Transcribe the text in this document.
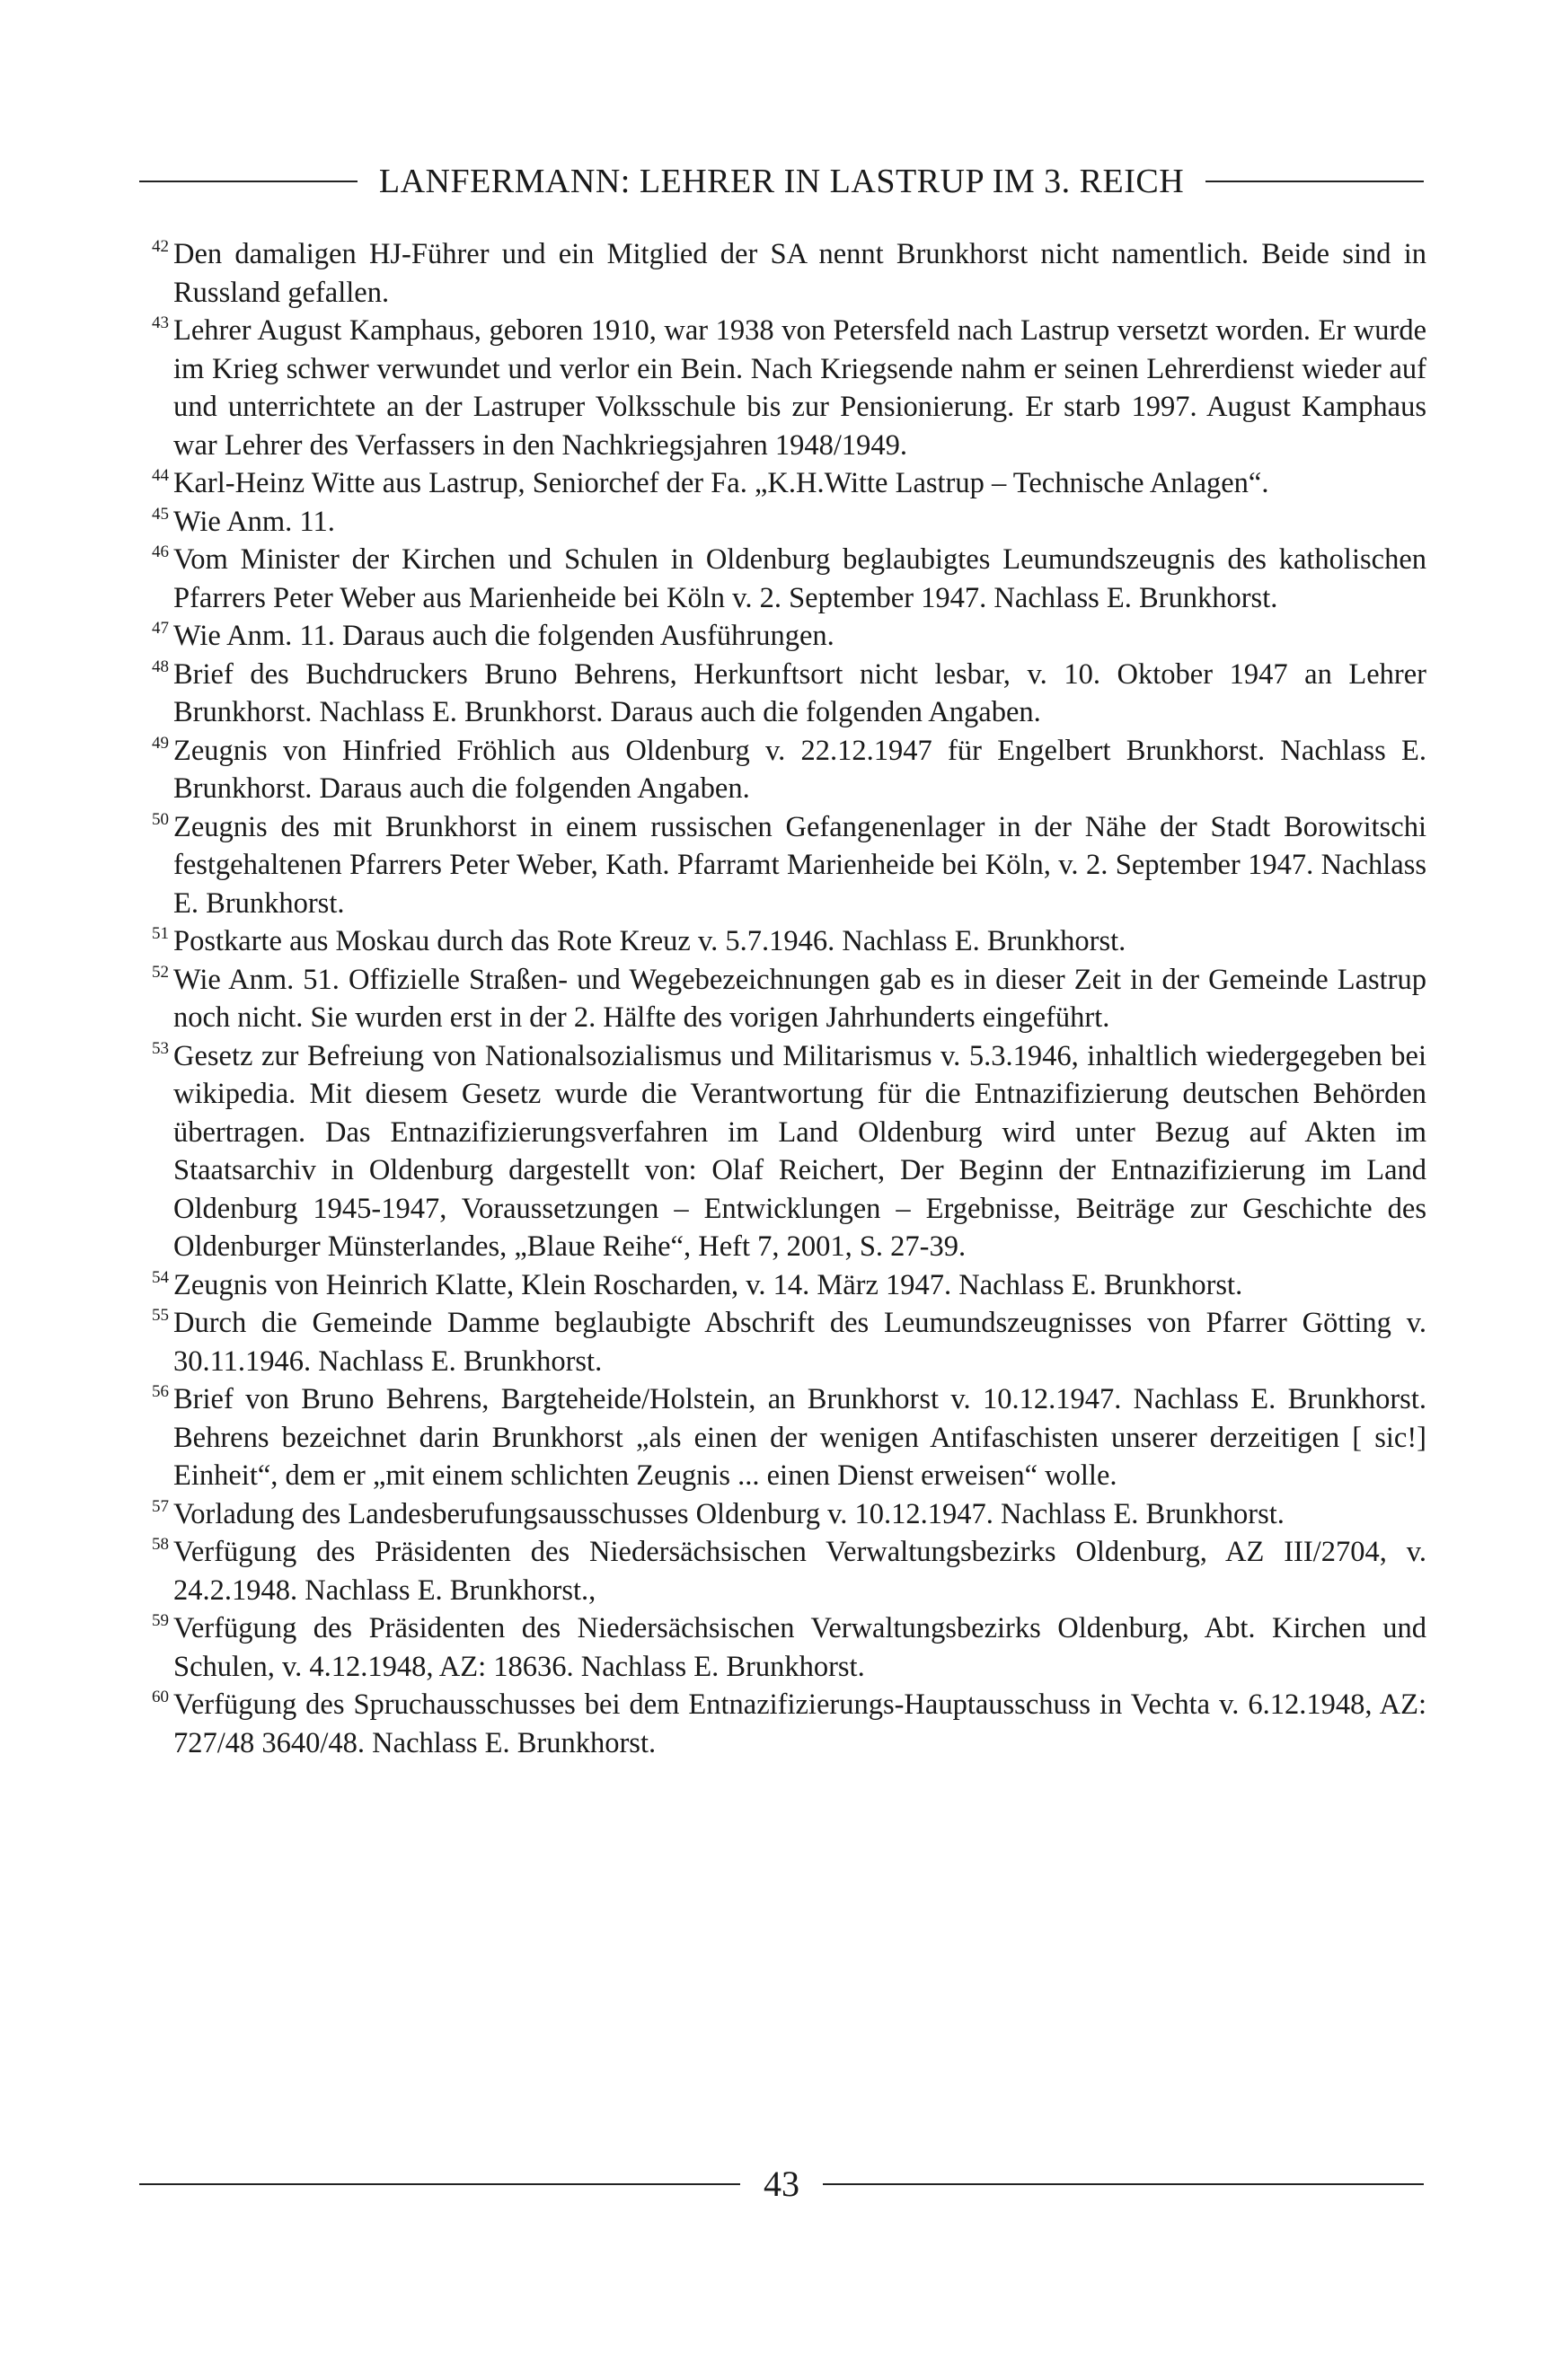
LANFERMANN: LEHRER IN LASTRUP IM 3. REICH
42 Den damaligen HJ-Führer und ein Mitglied der SA nennt Brunkhorst nicht namentlich. Beide sind in Russland gefallen.
43 Lehrer August Kamphaus, geboren 1910, war 1938 von Petersfeld nach Lastrup versetzt worden. Er wurde im Krieg schwer verwundet und verlor ein Bein. Nach Kriegsende nahm er seinen Lehrerdienst wieder auf und unterrichtete an der Lastruper Volksschule bis zur Pensionierung. Er starb 1997. August Kamphaus war Lehrer des Verfassers in den Nachkriegsjahren 1948/1949.
44 Karl-Heinz Witte aus Lastrup, Seniorchef der Fa. „K.H.Witte Lastrup – Technische Anlagen“.
45 Wie Anm. 11.
46 Vom Minister der Kirchen und Schulen in Oldenburg beglaubigtes Leumundszeugnis des katholischen Pfarrers Peter Weber aus Marienheide bei Köln v. 2. September 1947. Nachlass E. Brunkhorst.
47 Wie Anm. 11. Daraus auch die folgenden Ausführungen.
48 Brief des Buchdruckers Bruno Behrens, Herkunftsort nicht lesbar, v. 10. Oktober 1947 an Lehrer Brunkhorst. Nachlass E. Brunkhorst. Daraus auch die folgenden Angaben.
49 Zeugnis von Hinfried Fröhlich aus Oldenburg v. 22.12.1947 für Engelbert Brunkhorst. Nachlass E. Brunkhorst. Daraus auch die folgenden Angaben.
50 Zeugnis des mit Brunkhorst in einem russischen Gefangenenlager in der Nähe der Stadt Borowitschi festgehaltenen Pfarrers Peter Weber, Kath. Pfarramt Marienheide bei Köln, v. 2. September 1947. Nachlass E. Brunkhorst.
51 Postkarte aus Moskau durch das Rote Kreuz v. 5.7.1946. Nachlass E. Brunkhorst.
52 Wie Anm. 51. Offizielle Straßen- und Wegebezeichnungen gab es in dieser Zeit in der Gemeinde Lastrup noch nicht. Sie wurden erst in der 2. Hälfte des vorigen Jahrhunderts eingeführt.
53 Gesetz zur Befreiung von Nationalsozialismus und Militarismus v. 5.3.1946, inhaltlich wiedergegeben bei wikipedia. Mit diesem Gesetz wurde die Verantwortung für die Entnazifizierung deutschen Behörden übertragen. Das Entnazifizierungsverfahren im Land Oldenburg wird unter Bezug auf Akten im Staatsarchiv in Oldenburg dargestellt von: Olaf Reichert, Der Beginn der Entnazifizierung im Land Oldenburg 1945-1947, Voraussetzungen – Entwicklungen – Ergebnisse, Beiträge zur Geschichte des Oldenburger Münsterlandes, „Blaue Reihe“, Heft 7, 2001, S. 27-39.
54 Zeugnis von Heinrich Klatte, Klein Roscharden, v. 14. März 1947. Nachlass E. Brunkhorst.
55 Durch die Gemeinde Damme beglaubigte Abschrift des Leumundszeugnisses von Pfarrer Götting v. 30.11.1946. Nachlass E. Brunkhorst.
56 Brief von Bruno Behrens, Bargteheide/Holstein, an Brunkhorst v. 10.12.1947. Nachlass E. Brunkhorst. Behrens bezeichnet darin Brunkhorst „als einen der wenigen Antifaschisten unserer derzeitigen [ sic!] Einheit“, dem er „mit einem schlichten Zeugnis ... einen Dienst erweisen“ wolle.
57 Vorladung des Landesberufungsausschusses Oldenburg v. 10.12.1947. Nachlass E. Brunkhorst.
58 Verfügung des Präsidenten des Niedersächsischen Verwaltungsbezirks Oldenburg, AZ III/2704, v. 24.2.1948. Nachlass E. Brunkhorst.,
59 Verfügung des Präsidenten des Niedersächsischen Verwaltungsbezirks Oldenburg, Abt. Kirchen und Schulen, v. 4.12.1948, AZ: 18636. Nachlass E. Brunkhorst.
60 Verfügung des Spruchausschusses bei dem Entnazifizierungs-Hauptausschuss in Vechta v. 6.12.1948, AZ: 727/48 3640/48. Nachlass E. Brunkhorst.
43
